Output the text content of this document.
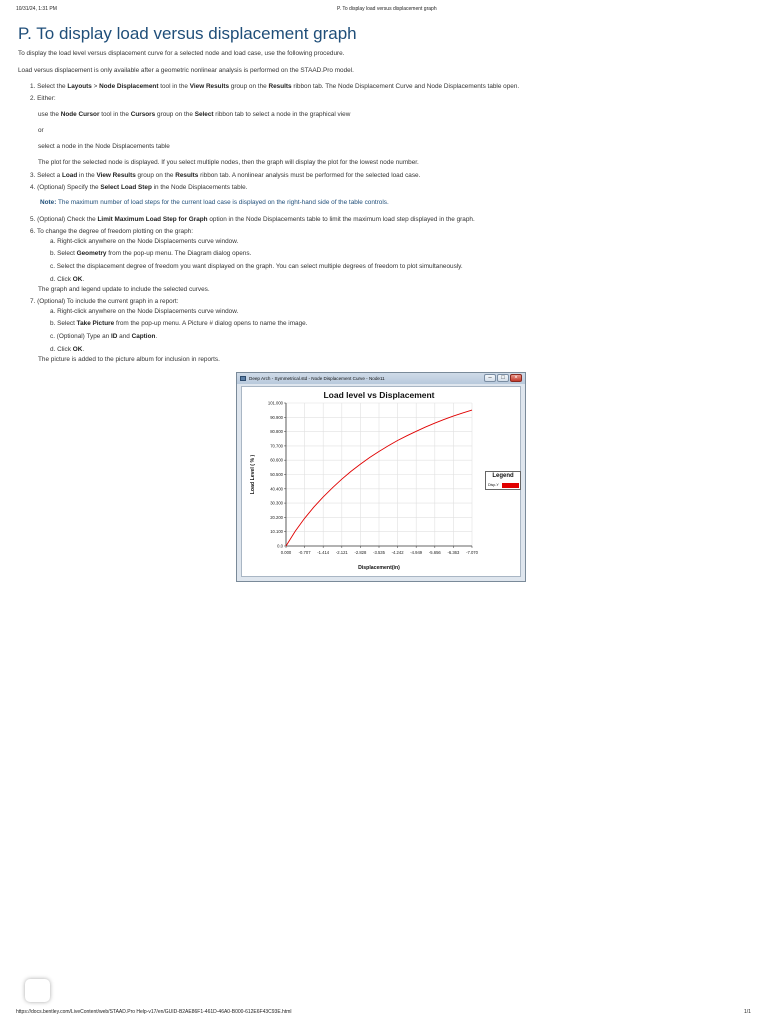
10/31/24, 1:31 PM	P. To display load versus displacement graph
P. To display load versus displacement graph

To display the load level versus displacement curve for a selected node and load case, use the following procedure.

Load versus displacement is only available after a geometric nonlinear analysis is performed on the STAAD.Pro model.

1. Select the Layouts > Node Displacement tool in the View Results group on the Results ribbon tab. The Node Displacement Curve and Node Displacements table open.
2. Either:
use the Node Cursor tool in the Cursors group on the Select ribbon tab to select a node in the graphical view
or
select a node in the Node Displacements table
The plot for the selected node is displayed. If you select multiple nodes, then the graph will display the plot for the lowest node number.
3. Select a Load in the View Results group on the Results ribbon tab. A nonlinear analysis must be performed for the selected load case.
4. (Optional) Specify the Select Load Step in the Node Displacements table.
Note: The maximum number of load steps for the current load case is displayed on the right-hand side of the table controls.
5. (Optional) Check the Limit Maximum Load Step for Graph option in the Node Displacements table to limit the maximum load step displayed in the graph.
6. To change the degree of freedom plotting on the graph:
a. Right-click anywhere on the Node Displacements curve window.
b. Select Geometry from the pop-up menu. The Diagram dialog opens.
c. Select the displacement degree of freedom you want displayed on the graph. You can select multiple degrees of freedom to plot simultaneously.
d. Click OK.
The graph and legend update to include the selected curves.
7. (Optional) To include the current graph in a report:
a. Right-click anywhere on the Node Displacements curve window.
b. Select Take Picture from the pop-up menu. A Picture # dialog opens to name the image.
c. (Optional) Type an ID and Caption.
d. Click OK.
The picture is added to the picture album for inclusion in reports.
Deep Arch - Symmetrical.std - Node Displacement Curve - Node11	–	□	×
0.0
10.100
20.200
30.300
40.400
50.500
60.600
70.700
80.800
90.900
101.000
0.000 -0.707 -1.414 -2.121 -2.828 -3.535 -4.242 -4.949 -5.656 -6.363 -7.070
Load level vs Displacement
Displacement(in)
Load Level ( % )	Legend
Disp-Y
https://docs.bentley.com/LiveContent/web/STAAD.Pro Help-v17/en/GUID-B2AE86F1-461D-46A0-B000-612E6F43C93E.html	1/1
